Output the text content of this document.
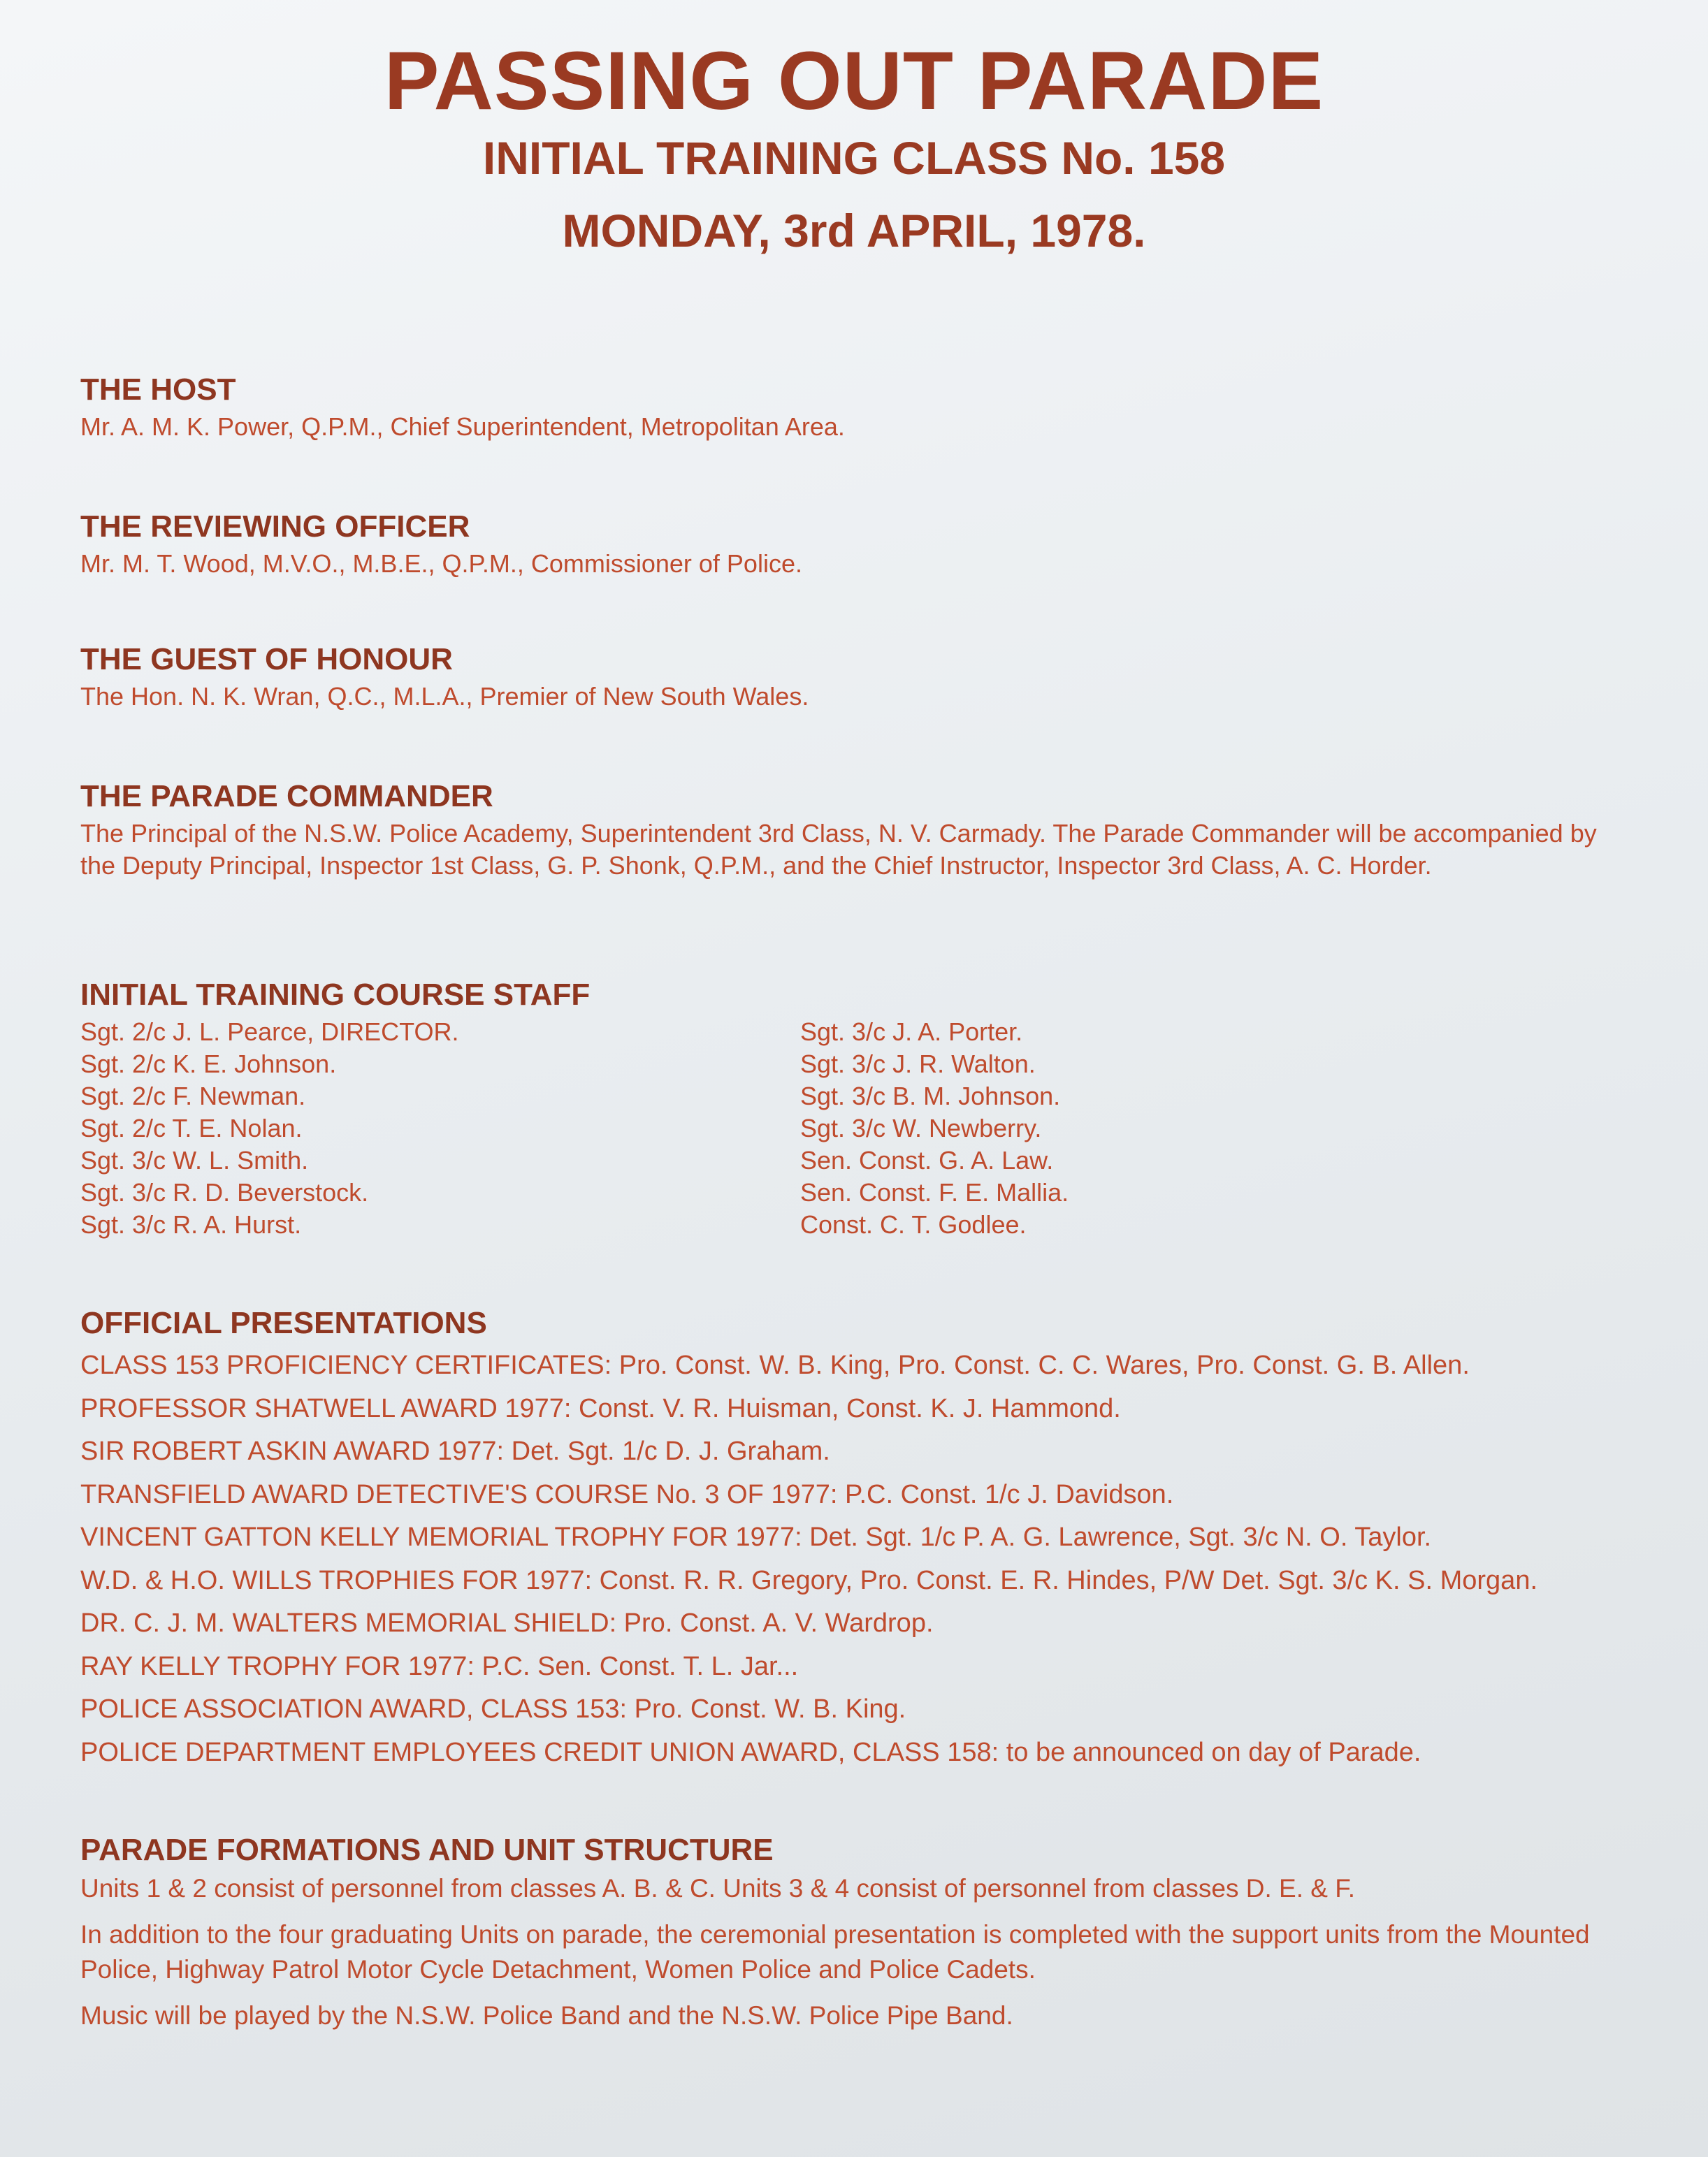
PASSING OUT PARADE
INITIAL TRAINING CLASS No. 158
MONDAY, 3rd APRIL, 1978.
THE HOST
Mr. A. M. K. Power, Q.P.M., Chief Superintendent, Metropolitan Area.
THE REVIEWING OFFICER
Mr. M. T. Wood, M.V.O., M.B.E., Q.P.M., Commissioner of Police.
THE GUEST OF HONOUR
The Hon. N. K. Wran, Q.C., M.L.A., Premier of New South Wales.
THE PARADE COMMANDER
The Principal of the N.S.W. Police Academy, Superintendent 3rd Class, N. V. Carmady. The Parade Commander will be accompanied by the Deputy Principal, Inspector 1st Class, G. P. Shonk, Q.P.M., and the Chief Instructor, Inspector 3rd Class, A. C. Horder.
INITIAL TRAINING COURSE STAFF
Sgt. 2/c J. L. Pearce, DIRECTOR.
Sgt. 2/c K. E. Johnson.
Sgt. 2/c F. Newman.
Sgt. 2/c T. E. Nolan.
Sgt. 3/c W. L. Smith.
Sgt. 3/c R. D. Beverstock.
Sgt. 3/c R. A. Hurst.
Sgt. 3/c J. A. Porter.
Sgt. 3/c J. R. Walton.
Sgt. 3/c B. M. Johnson.
Sgt. 3/c W. Newberry.
Sen. Const. G. A. Law.
Sen. Const. F. E. Mallia.
Const. C. T. Godlee.
OFFICIAL PRESENTATIONS
CLASS 153 PROFICIENCY CERTIFICATES: Pro. Const. W. B. King, Pro. Const. C. C. Wares, Pro. Const. G. B. Allen.
PROFESSOR SHATWELL AWARD 1977: Const. V. R. Huisman, Const. K. J. Hammond.
SIR ROBERT ASKIN AWARD 1977: Det. Sgt. 1/c D. J. Graham.
TRANSFIELD AWARD DETECTIVE'S COURSE No. 3 OF 1977: P.C. Const. 1/c J. Davidson.
VINCENT GATTON KELLY MEMORIAL TROPHY FOR 1977: Det. Sgt. 1/c P. A. G. Lawrence, Sgt. 3/c N. O. Taylor.
W.D. & H.O. WILLS TROPHIES FOR 1977: Const. R. R. Gregory, Pro. Const. E. R. Hindes, P/W Det. Sgt. 3/c K. S. Morgan.
DR. C. J. M. WALTERS MEMORIAL SHIELD: Pro. Const. A. V. Wardrop.
RAY KELLY TROPHY FOR 1977: P.C. Sen. Const. T. L. Jar...
POLICE ASSOCIATION AWARD, CLASS 153: Pro. Const. W. B. King.
POLICE DEPARTMENT EMPLOYEES CREDIT UNION AWARD, CLASS 158: to be announced on day of Parade.
PARADE FORMATIONS AND UNIT STRUCTURE
Units 1 & 2 consist of personnel from classes A. B. & C. Units 3 & 4 consist of personnel from classes D. E. & F.
In addition to the four graduating Units on parade, the ceremonial presentation is completed with the support units from the Mounted Police, Highway Patrol Motor Cycle Detachment, Women Police and Police Cadets.
Music will be played by the N.S.W. Police Band and the N.S.W. Police Pipe Band.
